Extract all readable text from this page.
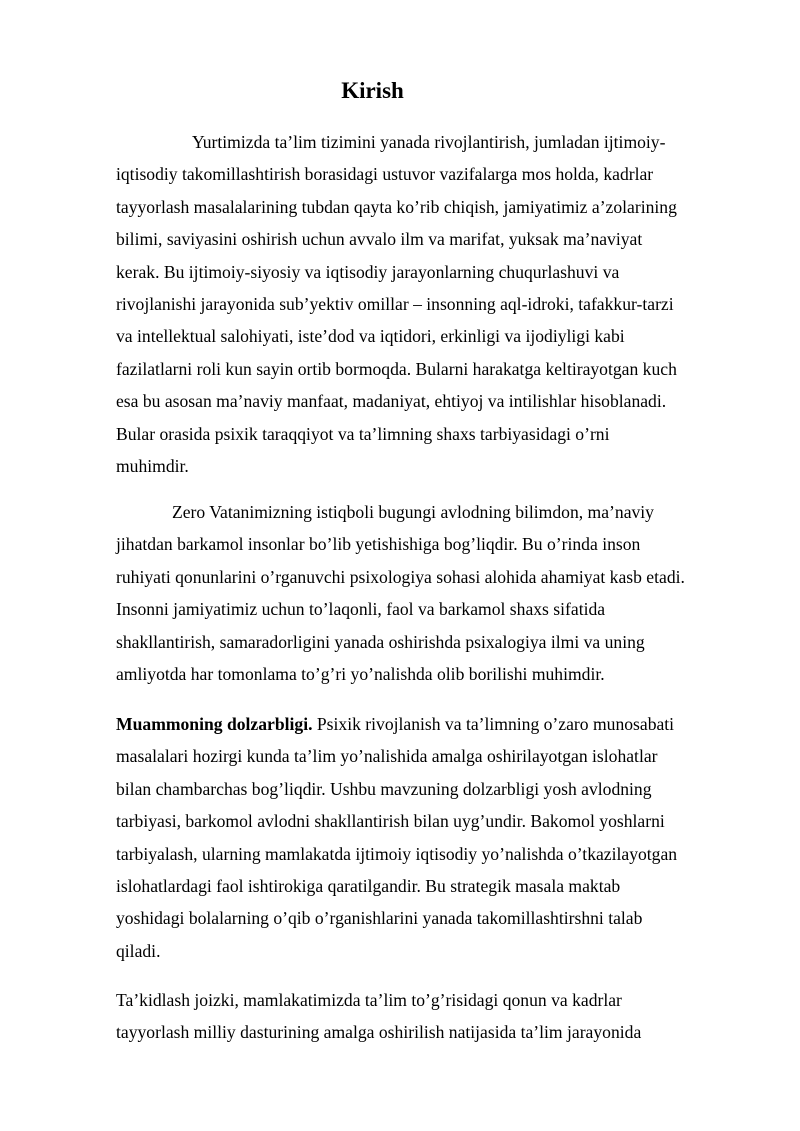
Kirish
Yurtimizda ta’lim tizimini yanada rivojlantirish, jumladan ijtimoiy-
iqtisodiy takomillashtirish borasidagi ustuvor vazifalarga mos holda, kadrlar
tayyorlash masalalarining tubdan qayta ko’rib chiqish, jamiyatimiz a’zolarining
bilimi, saviyasini oshirish uchun avvalo ilm va marifat, yuksak ma’naviyat
kerak. Bu ijtimoiy-siyosiy va iqtisodiy jarayonlarning chuqurlashuvi va
rivojlanishi jarayonida sub’yektiv omillar – insonning aql-idroki, tafakkur-tarzi
va intellektual salohiyati, iste’dod va iqtidori, erkinligi va ijodiyligi kabi
fazilatlarni roli kun sayin ortib bormoqda. Bularni harakatga keltirayotgan kuch
esa bu asosan ma’naviy manfaat, madaniyat, ehtiyoj va intilishlar hisoblanadi.
Bular orasida psixik taraqqiyot va ta’limning shaxs tarbiyasidagi o’rni
muhimdir.
Zero Vatanimizning istiqboli bugungi avlodning bilimdon, ma’naviy
jihatdan barkamol insonlar bo’lib yetishishiga bog’liqdir. Bu o’rinda inson
ruhiyati qonunlarini o’rganuvchi psixologiya sohasi alohida ahamiyat kasb etadi.
Insonni jamiyatimiz uchun to’laqonli, faol va barkamol shaxs sifatida
shakllantirish, samaradorligini yanada oshirishda psixalogiya ilmi va uning
amliyotda har tomonlama to’g’ri yo’nalishda olib borilishi muhimdir.
Muammoning dolzarbligi. Psixik rivojlanish va ta’limning o’zaro munosabati
masalalari hozirgi kunda ta’lim yo’nalishida amalga oshirilayotgan islohatlar
bilan chambarchas bog’liqdir. Ushbu mavzuning dolzarbligi yosh avlodning
tarbiyasi, barkomol avlodni shakllantirish bilan uyg’undir. Bakomol yoshlarni
tarbiyalash, ularning mamlakatda ijtimoiy iqtisodiy yo’nalishda o’tkazilayotgan
islohatlardagi faol ishtirokiga qaratilgandir. Bu strategik masala maktab
yoshidagi bolalarning o’qib o’rganishlarini yanada takomillashtirshni talab
qiladi.
Ta’kidlash joizki, mamlakatimizda ta’lim to’g’risidagi qonun va kadrlar
tayyorlash milliy dasturining amalga oshirilish natijasida ta’lim jarayonida
